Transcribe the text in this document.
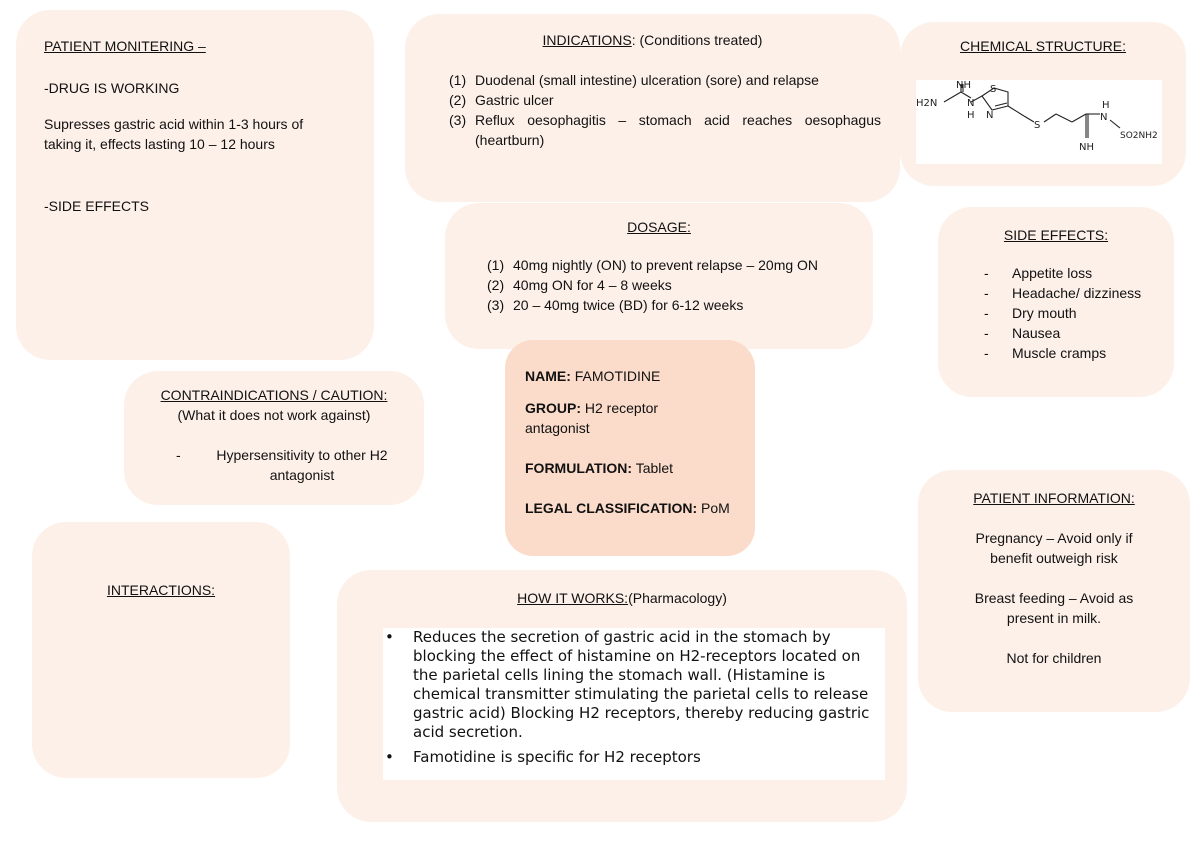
PATIENT MONITERING –
-DRUG IS WORKING
Supresses gastric acid within 1-3 hours of taking it, effects lasting 10 – 12 hours
-SIDE EFFECTS
INDICATIONS: (Conditions treated)
(1) Duodenal (small intestine) ulceration (sore) and relapse
(2) Gastric ulcer
(3) Reflux oesophagitis – stomach acid reaches oesophagus (heartburn)
CHEMICAL STRUCTURE:
NH
H2N	N
H
S
N
S
H
N
SO2NH2
NH
DOSAGE:
(1) 40mg nightly (ON) to prevent relapse – 20mg ON
(2) 40mg ON for 4 – 8 weeks
(3) 20 – 40mg twice (BD) for 6-12 weeks
SIDE EFFECTS:
-	Appetite loss
-	Headache/ dizziness
-	Dry mouth
-	Nausea
-	Muscle cramps
CONTRAINDICATIONS / CAUTION:
(What it does not work against)
-	Hypersensitivity to other H2
antagonist
NAME: FAMOTIDINE
GROUP: H2 receptor antagonist
FORMULATION: Tablet
LEGAL CLASSIFICATION: PoM
PATIENT INFORMATION:
Pregnancy – Avoid only if benefit outweigh risk
Breast feeding – Avoid as present in milk.
Not for children
INTERACTIONS:	HOW IT WORKS:(Pharmacology)
•	Reduces the secretion of gastric acid in the stomach by blocking the effect of histamine on H2-receptors located on the parietal cells lining the stomach wall. (Histamine is chemical transmitter stimulating the parietal cells to release gastric acid) Blocking H2 receptors, thereby reducing gastric acid secretion.
•	Famotidine is specific for H2 receptors
